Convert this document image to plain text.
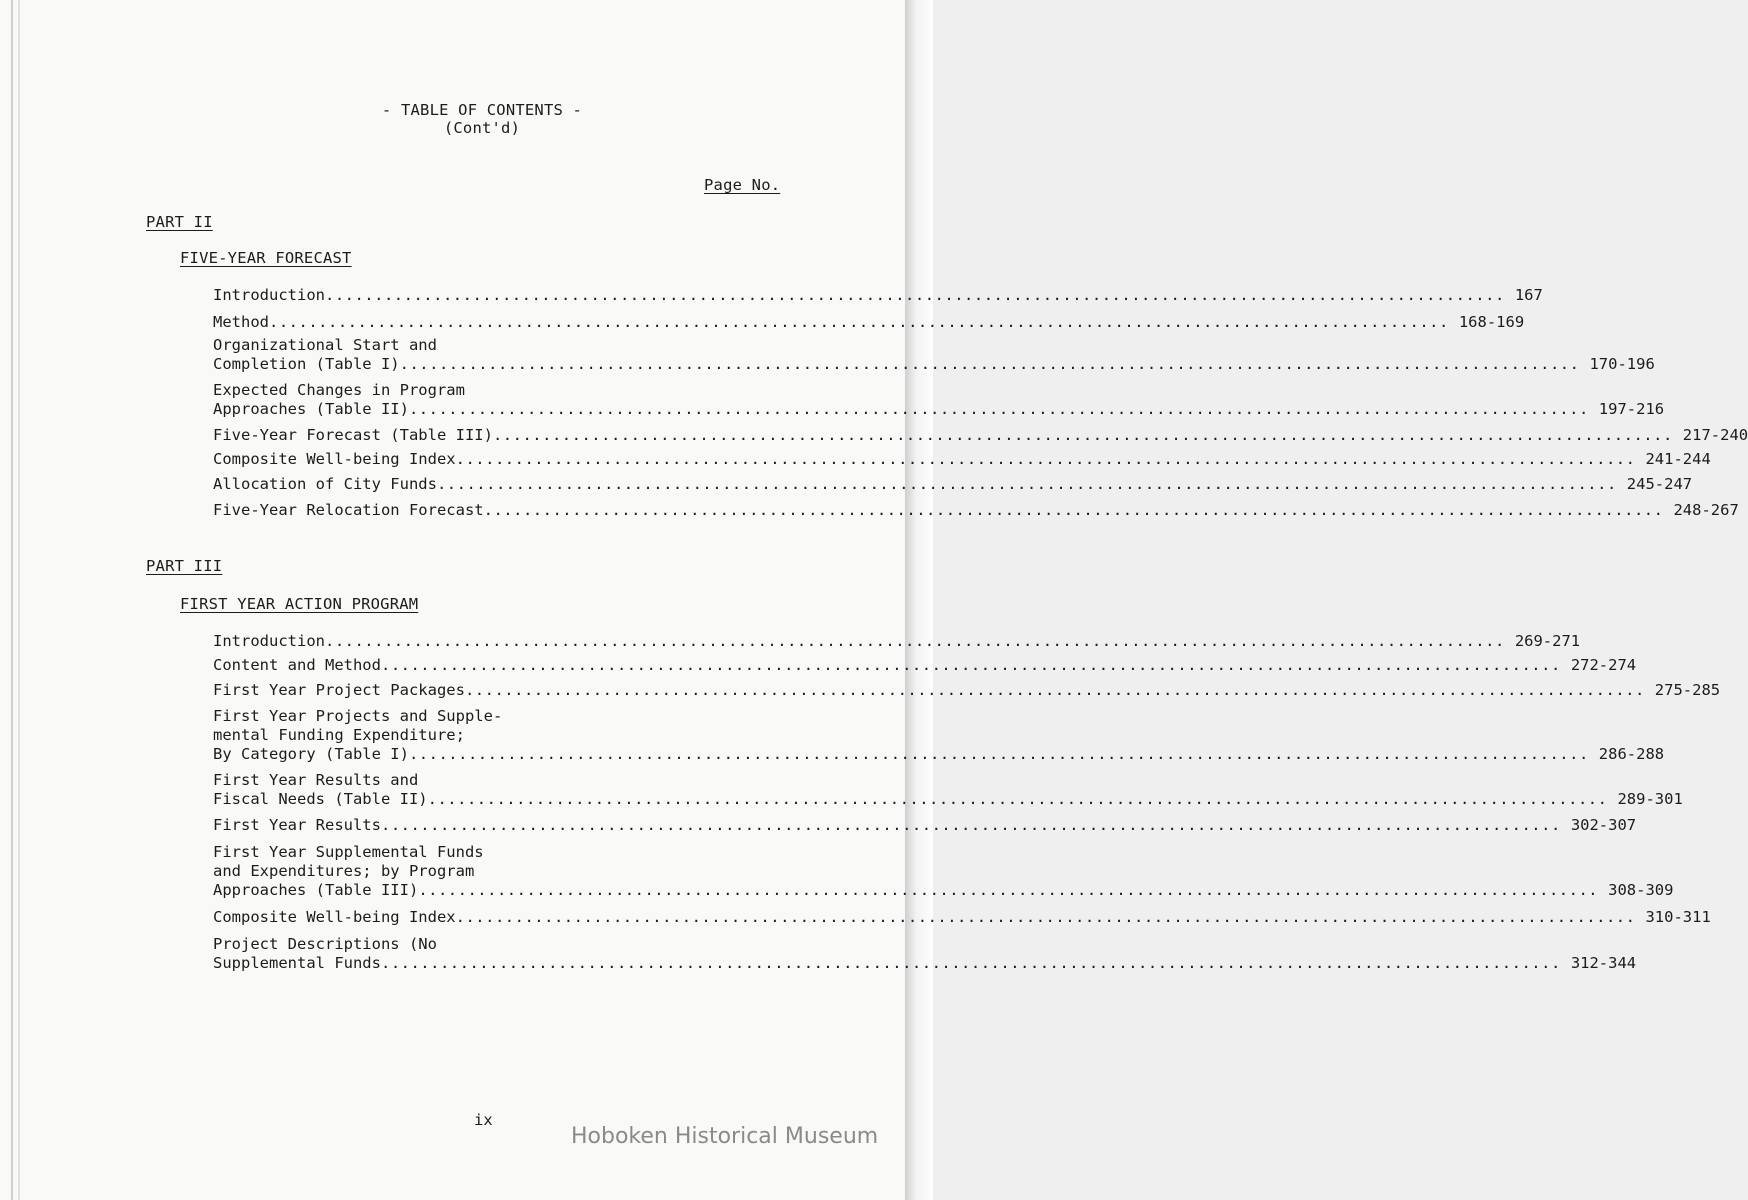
- TABLE OF CONTENTS -
(Cont'd)
Page No.
PART II
FIVE-YEAR FORECAST
PART III
FIRST YEAR ACTION PROGRAM
Introduction ........................................................................................................................ 167
Method ........................................................................................................................ 168-169
Organizational Start and
Completion (Table I) ........................................................................................................................ 170-196
Expected Changes in Program
Approaches (Table II) ........................................................................................................................ 197-216
Five-Year Forecast (Table III) ........................................................................................................................ 217-240
Composite Well-being Index ........................................................................................................................ 241-244
Allocation of City Funds ........................................................................................................................ 245-247
Five-Year Relocation Forecast ........................................................................................................................ 248-267
Introduction ........................................................................................................................ 269-271
Content and Method ........................................................................................................................ 272-274
First Year Project Packages ........................................................................................................................ 275-285
First Year Projects and Supple-
mental Funding Expenditure;
By Category (Table I) ........................................................................................................................ 286-288
First Year Results and
Fiscal Needs (Table II) ........................................................................................................................ 289-301
First Year Results ........................................................................................................................ 302-307
First Year Supplemental Funds
and Expenditures; by Program
Approaches (Table III) ........................................................................................................................ 308-309
Composite Well-being Index ........................................................................................................................ 310-311
Project Descriptions (No
Supplemental Funds ........................................................................................................................ 312-344
ix
Hoboken Historical Museum
